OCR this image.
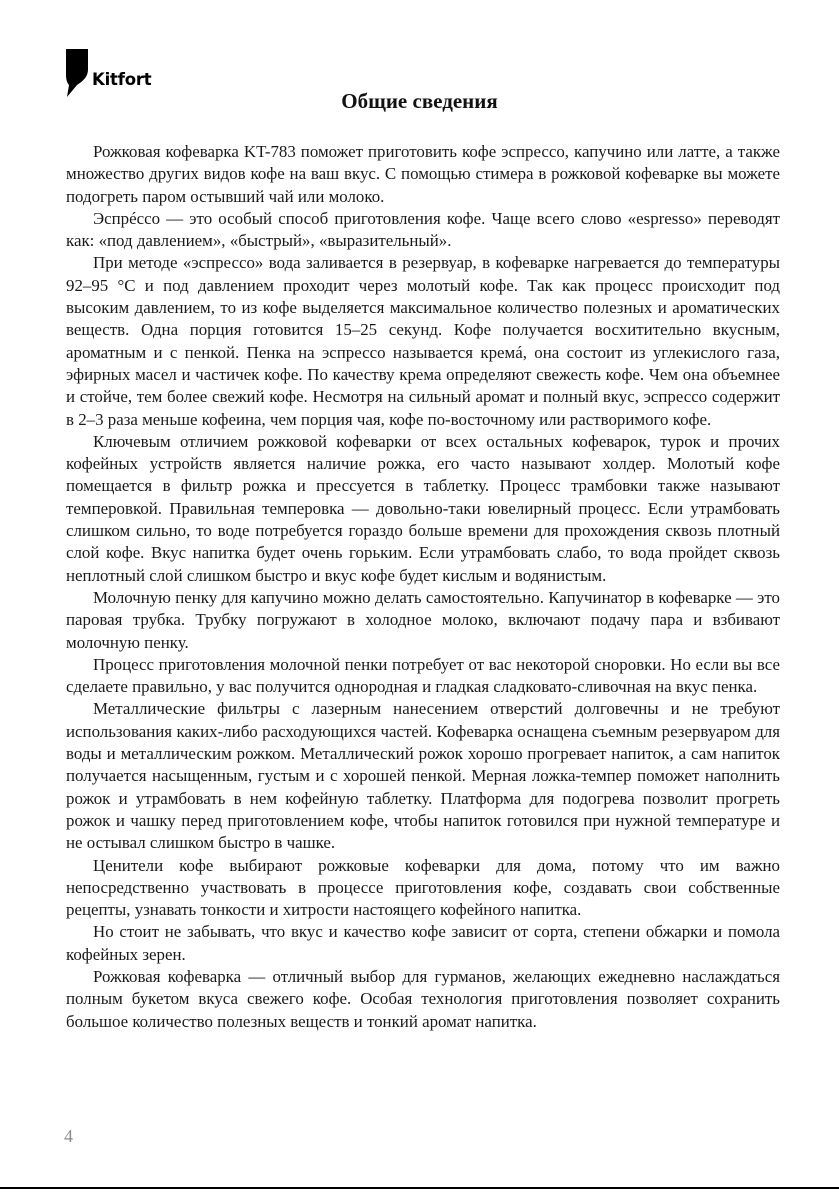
Kitfort
Общие сведения

Рожковая кофеварка KT-783 поможет приготовить кофе эспрессо, капучино или латте, а также множество других видов кофе на ваш вкус. С помощью стимера в рожковой кофеварке вы можете подогреть паром остывший чай или молоко.

Эспрéссо — это особый способ приготовления кофе. Чаще всего слово «espresso» переводят как: «под давлением», «быстрый», «выразительный».

При методе «эспрессо» вода заливается в резервуар, в кофеварке нагревается до температуры 92–95 °C и под давлением проходит через молотый кофе. Так как процесс происходит под высоким давлением, то из кофе выделяется максимальное количество полезных и ароматических веществ. Одна порция готовится 15–25 секунд. Кофе получается восхитительно вкусным, ароматным и с пенкой. Пенка на эспрессо называется кремá, она состоит из углекислого газа, эфирных масел и частичек кофе. По качеству крема определяют свежесть кофе. Чем она объемнее и стойче, тем более свежий кофе. Несмотря на сильный аромат и полный вкус, эспрессо содержит в 2–3 раза меньше кофеина, чем порция чая, кофе по-восточному или растворимого кофе.

Ключевым отличием рожковой кофеварки от всех остальных кофеварок, турок и прочих кофейных устройств является наличие рожка, его часто называют холдер. Молотый кофе помещается в фильтр рожка и прессуется в таблетку. Процесс трамбовки также называют темперовкой. Правильная темперовка — довольно-таки ювелирный процесс. Если утрамбовать слишком сильно, то воде потребуется гораздо больше времени для прохождения сквозь плотный слой кофе. Вкус напитка будет очень горьким. Если утрамбовать слабо, то вода пройдет сквозь неплотный слой слишком быстро и вкус кофе будет кислым и водянистым.

Молочную пенку для капучино можно делать самостоятельно. Капучинатор в кофеварке — это паровая трубка. Трубку погружают в холодное молоко, включают подачу пара и взбивают молочную пенку.

Процесс приготовления молочной пенки потребует от вас некоторой сноровки. Но если вы все сделаете правильно, у вас получится однородная и гладкая сладковато-сливочная на вкус пенка.

Металлические фильтры с лазерным нанесением отверстий долговечны и не требуют использования каких-либо расходующихся частей. Кофеварка оснащена съемным резервуаром для воды и металлическим рожком. Металлический рожок хорошо прогревает напиток, а сам напиток получается насыщенным, густым и с хорошей пенкой. Мерная ложка-темпер поможет наполнить рожок и утрамбовать в нем кофейную таблетку. Платформа для подогрева позволит прогреть рожок и чашку перед приготовлением кофе, чтобы напиток готовился при нужной температуре и не остывал слишком быстро в чашке.

Ценители кофе выбирают рожковые кофеварки для дома, потому что им важно непосредственно участвовать в процессе приготовления кофе, создавать свои собственные рецепты, узнавать тонкости и хитрости настоящего кофейного напитка.

Но стоит не забывать, что вкус и качество кофе зависит от сорта, степени обжарки и помола кофейных зерен.

Рожковая кофеварка — отличный выбор для гурманов, желающих ежедневно наслаждаться полным букетом вкуса свежего кофе. Особая технология приготовления позволяет сохранить большое количество полезных веществ и тонкий аромат напитка.

4
